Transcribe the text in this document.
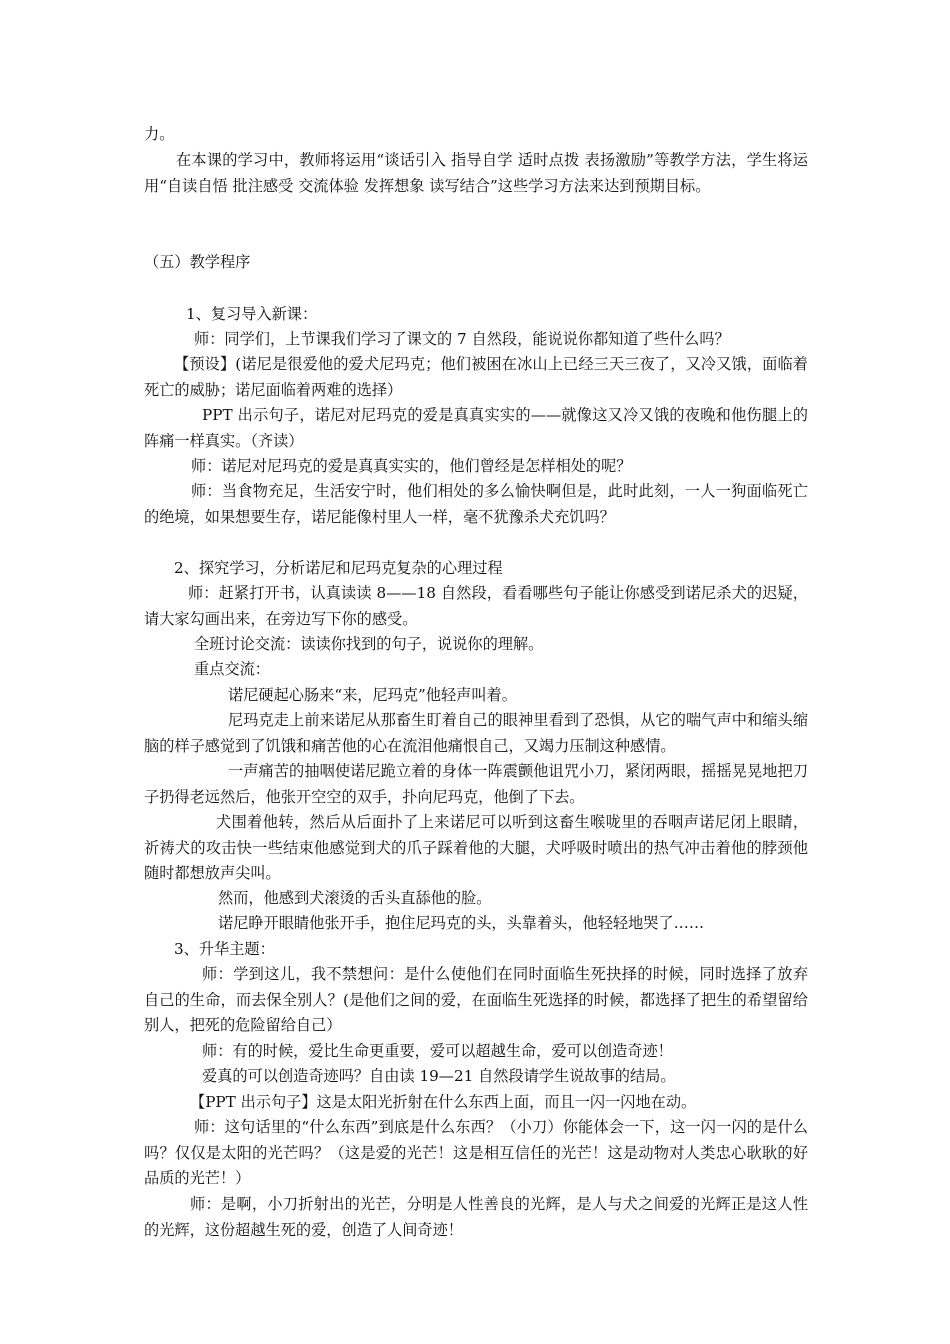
力。

在本课的学习中，教师将运用“谈话引入 指导自学 适时点拨 表扬激励”等教学方法，学生将运用“自读自悟 批注感受 交流体验 发挥想象 读写结合”这些学习方法来达到预期目标。

（五）教学程序

1、复习导入新课：

师：同学们，上节课我们学习了课文的 7 自然段，能说说你都知道了些什么吗？

【预设】(诺尼是很爱他的爱犬尼玛克；他们被困在冰山上已经三天三夜了，又冷又饿，面临着死亡的威胁；诺尼面临着两难的选择）

PPT 出示句子，诺尼对尼玛克的爱是真真实实的——就像这又冷又饿的夜晚和他伤腿上的阵痛一样真实。（齐读）

师：诺尼对尼玛克的爱是真真实实的，他们曾经是怎样相处的呢？

师：当食物充足，生活安宁时，他们相处的多么愉快啊但是，此时此刻，一人一狗面临死亡的绝境，如果想要生存，诺尼能像村里人一样，毫不犹豫杀犬充饥吗？

2、探究学习，分析诺尼和尼玛克复杂的心理过程

师：赶紧打开书，认真读读 8——18 自然段，看看哪些句子能让你感受到诺尼杀犬的迟疑，请大家勾画出来，在旁边写下你的感受。

全班讨论交流：读读你找到的句子，说说你的理解。

重点交流：

诺尼硬起心肠来“来，尼玛克”他轻声叫着。

尼玛克走上前来诺尼从那畜生盯着自己的眼神里看到了恐惧，从它的喘气声中和缩头缩脑的样子感觉到了饥饿和痛苦他的心在流泪他痛恨自己，又竭力压制这种感情。

一声痛苦的抽咽使诺尼跪立着的身体一阵震颤他诅咒小刀，紧闭两眼，摇摇晃晃地把刀子扔得老远然后，他张开空空的双手，扑向尼玛克，他倒了下去。

犬围着他转，然后从后面扑了上来诺尼可以听到这畜生喉咙里的吞咽声诺尼闭上眼睛，祈祷犬的攻击快一些结束他感觉到犬的爪子踩着他的大腿，犬呼吸时喷出的热气冲击着他的脖颈他随时都想放声尖叫。

然而，他感到犬滚烫的舌头直舔他的脸。

诺尼睁开眼睛他张开手，抱住尼玛克的头，头靠着头，他轻轻地哭了……

3、升华主题：

师：学到这儿，我不禁想问：是什么使他们在同时面临生死抉择的时候，同时选择了放弃自己的生命，而去保全别人？(是他们之间的爱，在面临生死选择的时候，都选择了把生的希望留给别人，把死的危险留给自己）

师：有的时候，爱比生命更重要，爱可以超越生命，爱可以创造奇迹！

爱真的可以创造奇迹吗？自由读 19—21 自然段请学生说故事的结局。

【PPT 出示句子】这是太阳光折射在什么东西上面，而且一闪一闪地在动。

师：这句话里的“什么东西”到底是什么东西？（小刀）你能体会一下，这一闪一闪的是什么吗？仅仅是太阳的光芒吗？（这是爱的光芒！这是相互信任的光芒！这是动物对人类忠心耿耿的好品质的光芒！）

师：是啊，小刀折射出的光芒，分明是人性善良的光辉，是人与犬之间爱的光辉正是这人性的光辉，这份超越生死的爱，创造了人间奇迹！
